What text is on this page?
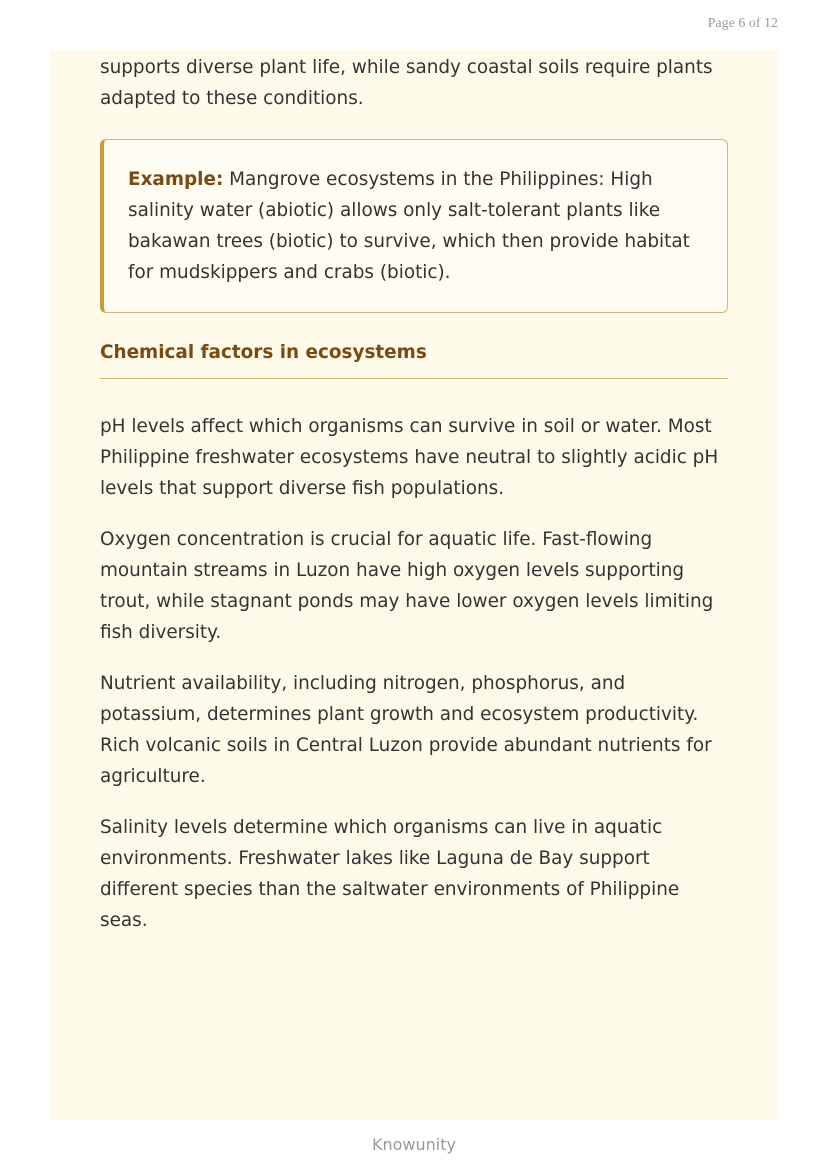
Page 6 of 12

supports diverse plant life, while sandy coastal soils require plants adapted to these conditions.

Example: Mangrove ecosystems in the Philippines: High salinity water (abiotic) allows only salt-tolerant plants like bakawan trees (biotic) to survive, which then provide habitat for mudskippers and crabs (biotic).
Chemical factors in ecosystems

pH levels affect which organisms can survive in soil or water. Most Philippine freshwater ecosystems have neutral to slightly acidic pH levels that support diverse fish populations.

Oxygen concentration is crucial for aquatic life. Fast-flowing mountain streams in Luzon have high oxygen levels supporting trout, while stagnant ponds may have lower oxygen levels limiting fish diversity.

Nutrient availability, including nitrogen, phosphorus, and potassium, determines plant growth and ecosystem productivity. Rich volcanic soils in Central Luzon provide abundant nutrients for agriculture.

Salinity levels determine which organisms can live in aquatic environments. Freshwater lakes like Laguna de Bay support different species than the saltwater environments of Philippine seas.

Knowunity
